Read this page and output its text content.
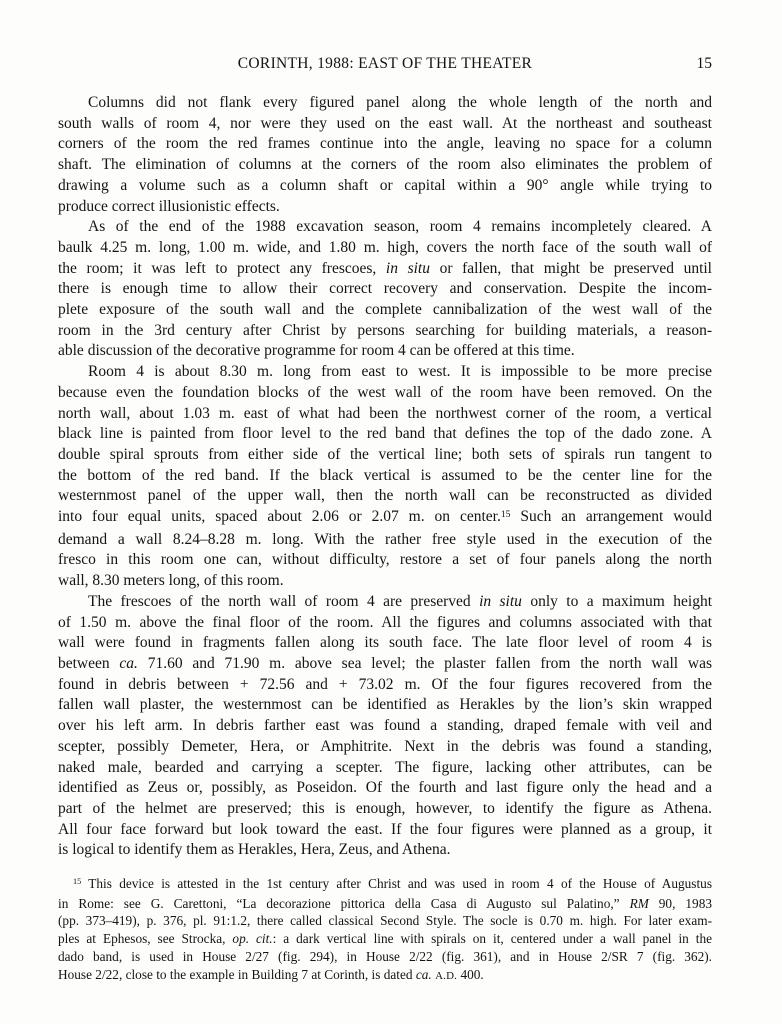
CORINTH, 1988: EAST OF THE THEATER	15
Columns did not flank every figured panel along the whole length of the north and
south walls of room 4, nor were they used on the east wall. At the northeast and southeast
corners of the room the red frames continue into the angle, leaving no space for a column
shaft. The elimination of columns at the corners of the room also eliminates the problem of
drawing a volume such as a column shaft or capital within a 90° angle while trying to
produce correct illusionistic effects.
As of the end of the 1988 excavation season, room 4 remains incompletely cleared. A
baulk 4.25 m. long, 1.00 m. wide, and 1.80 m. high, covers the north face of the south wall of
the room; it was left to protect any frescoes, in situ or fallen, that might be preserved until
there is enough time to allow their correct recovery and conservation. Despite the incom-
plete exposure of the south wall and the complete cannibalization of the west wall of the
room in the 3rd century after Christ by persons searching for building materials, a reason-
able discussion of the decorative programme for room 4 can be offered at this time.
Room 4 is about 8.30 m. long from east to west. It is impossible to be more precise
because even the foundation blocks of the west wall of the room have been removed. On the
north wall, about 1.03 m. east of what had been the northwest corner of the room, a vertical
black line is painted from floor level to the red band that defines the top of the dado zone. A
double spiral sprouts from either side of the vertical line; both sets of spirals run tangent to
the bottom of the red band. If the black vertical is assumed to be the center line for the
westernmost panel of the upper wall, then the north wall can be reconstructed as divided
into four equal units, spaced about 2.06 or 2.07 m. on center.$^{15}$ Such an arrangement would
demand a wall 8.24–8.28 m. long. With the rather free style used in the execution of the
fresco in this room one can, without difficulty, restore a set of four panels along the north
wall, 8.30 meters long, of this room.
The frescoes of the north wall of room 4 are preserved in situ only to a maximum height
of 1.50 m. above the final floor of the room. All the figures and columns associated with that
wall were found in fragments fallen along its south face. The late floor level of room 4 is
between ca. 71.60 and 71.90 m. above sea level; the plaster fallen from the north wall was
found in debris between + 72.56 and + 73.02 m. Of the four figures recovered from the
fallen wall plaster, the westernmost can be identified as Herakles by the lion’s skin wrapped
over his left arm. In debris farther east was found a standing, draped female with veil and
scepter, possibly Demeter, Hera, or Amphitrite. Next in the debris was found a standing,
naked male, bearded and carrying a scepter. The figure, lacking other attributes, can be
identified as Zeus or, possibly, as Poseidon. Of the fourth and last figure only the head and a
part of the helmet are preserved; this is enough, however, to identify the figure as Athena.
All four face forward but look toward the east. If the four figures were planned as a group, it
is logical to identify them as Herakles, Hera, Zeus, and Athena.
$^{15}$ This device is attested in the 1st century after Christ and was used in room 4 of the House of Augustus
in Rome: see G. Carettoni, “La decorazione pittorica della Casa di Augusto sul Palatino,” RM 90, 1983
(pp. 373–419), p. 376, pl. 91:1.2, there called classical Second Style. The socle is 0.70 m. high. For later exam-
ples at Ephesos, see Strocka, op. cit.: a dark vertical line with spirals on it, centered under a wall panel in the
dado band, is used in House 2/27 (fig. 294), in House 2/22 (fig. 361), and in House 2/SR 7 (fig. 362).
House 2/22, close to the example in Building 7 at Corinth, is dated ca. A.D. 400.
